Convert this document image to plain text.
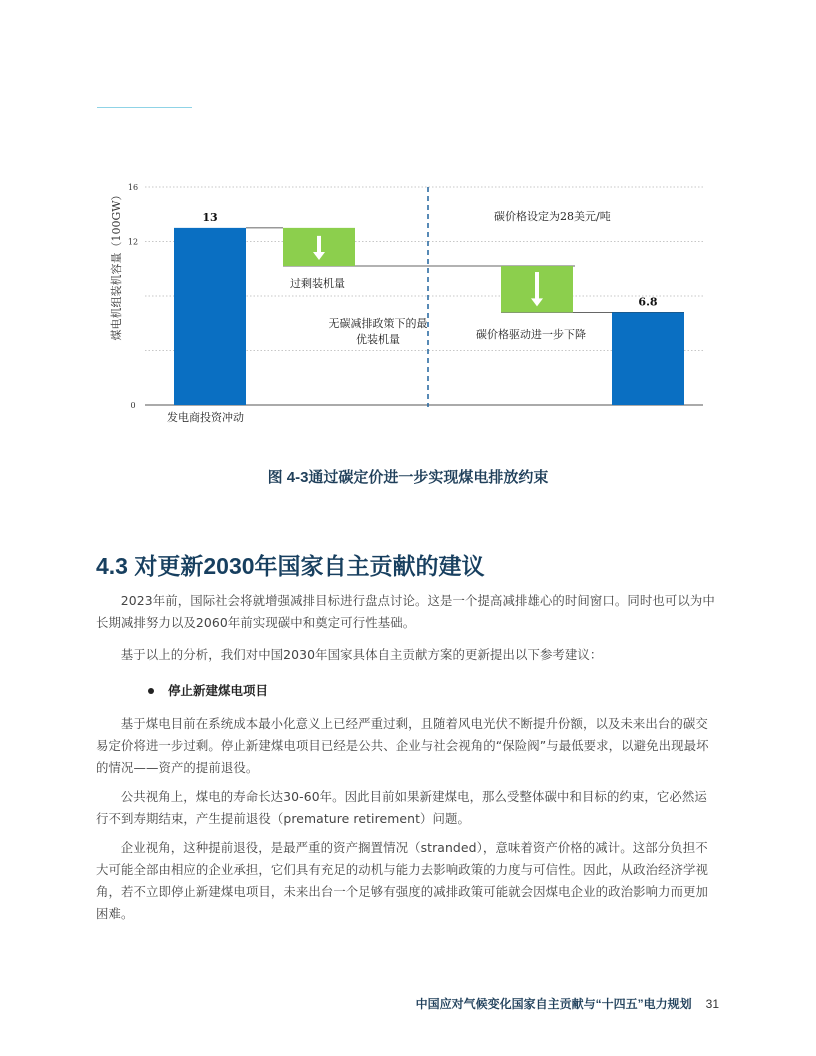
0
12
16
煤电机组装机容量（100GW）	13
6.8
发电商投资冲动
过剩装机量
无碳减排政策下的最
优装机量	碳价格驱动进一步下降
碳价格设定为28美元/吨
图 4-3通过碳定价进一步实现煤电排放约束
4.3 对更新2030年国家自主贡献的建议

2023年前，国际社会将就增强减排目标进行盘点讨论。这是一个提高减排雄心的时间窗口。同时也可以为中长期减排努力以及2060年前实现碳中和奠定可行性基础。

基于以上的分析，我们对中国2030年国家具体自主贡献方案的更新提出以下参考建议：

停止新建煤电项目

基于煤电目前在系统成本最小化意义上已经严重过剩，且随着风电光伏不断提升份额，以及未来出台的碳交易定价将进一步过剩。停止新建煤电项目已经是公共、企业与社会视角的“保险阀”与最低要求，以避免出现最坏的情况——资产的提前退役。

公共视角上，煤电的寿命长达30-60年。因此目前如果新建煤电，那么受整体碳中和目标的约束，它必然运行不到寿期结束，产生提前退役（premature retirement）问题。

企业视角，这种提前退役，是最严重的资产搁置情况（stranded），意味着资产价格的减计。这部分负担不大可能全部由相应的企业承担，它们具有充足的动机与能力去影响政策的力度与可信性。因此，从政治经济学视角，若不立即停止新建煤电项目，未来出台一个足够有强度的减排政策可能就会因煤电企业的政治影响力而更加困难。

中国应对气候变化国家自主贡献与“十四五”电力规划 31
